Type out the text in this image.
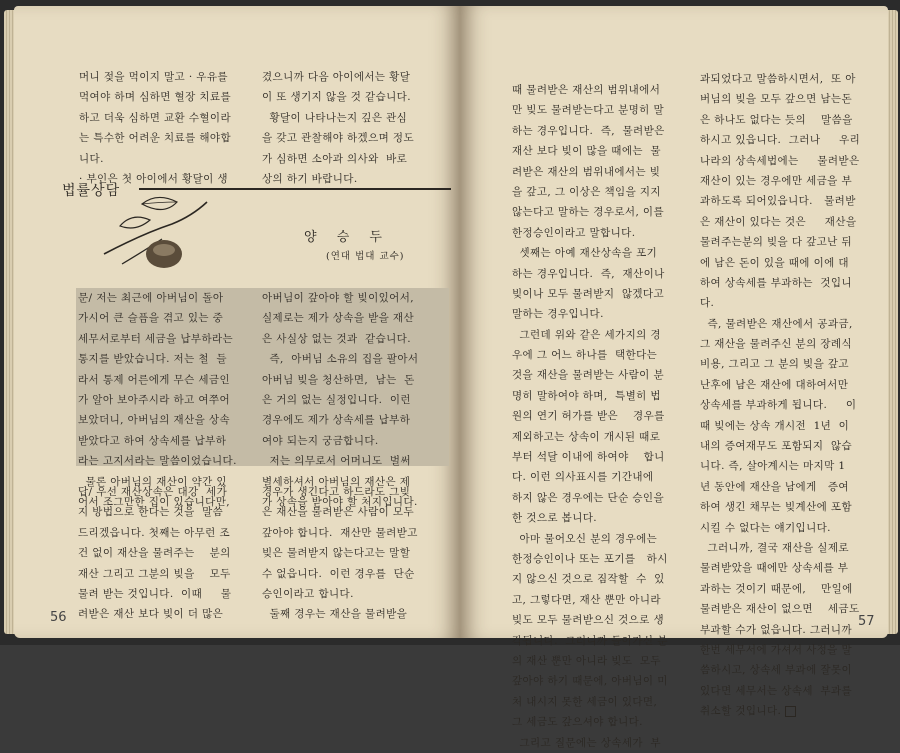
머니 젖을 먹이지 말고 · 우유를
먹여야 하며 심하면 혈장 치료를
하고 더욱 심하면 교환 수혈이라
는 특수한 어려운 치료를 해야합
니다.
· 부인은 첫 아이에서 황달이 생
겼으니까 다음 아이에서는 황달
이 또 생기지 않을 것 같습니다.
황달이 나타나는지 깊은 관심
을 갖고 관찰해야 하겠으며 정도
가 심하면 소아과 의사와  바로
상의 하기 바랍니다.
법률상담
양 승 두
(연대 법대 교수)
문/ 저는 최근에 아버님이 돌아
가시어 큰 슬픔을 겪고 있는 중
세무서로부터 세금을 납부하라는
통지를 받았습니다. 저는 철  들
라서 통제 어른에게 무슨 세금인
가 알아 보아주시라 하고 여쭈어
보았더니, 아버님의 재산을 상속
받았다고 하여 상속세를 납부하
라는 고지서라는 말씀이었습니다.
물론 아버님의 재산이 약간 있
어서 조그만한 집이 있습니다만,
아버님이 갚아야 할 빚이있어서,
실제로는 제가 상속을 받을 재산
은 사실상 없는 것과  같습니다.
즉,  아버님 소유의 집을 팔아서
아버님 빚을 청산하면,  남는  돈
은 거의 없는 실정입니다.  이런
경우에도 제가 상속세를 납부하
여야 되는지 궁금합니다.
저는 의무로서 어머니도  벌써
별세하셔서 아버님의 재산은 제
가 상속을 받아야 할 처지입니다.
답/ 우선 재산상속은 대강  세가
지 방법으로 한다는 것을  말씀
드리겠읍니다. 첫째는 아무런 조
건 없이 재산을 물려주는    분의
재산 그리고 그분의 빚을    모두
물려 받는 것입니다.  이때     물
려받은 재산 보다 빚이 더 많은
경우가 생긴다고 하드라도 그빚
은 재산을 물려받은 사람이 모두
갚아야 합니다.  재산만 물려받고
빚은 물려받지 않는다고는 말할
수 없읍니다.  이런 경우를  단순
승인이라고 합니다.
둘째 경우는 재산을 물려받을
56
때 물려받은 재산의 범위내에서
만 빚도 물려받는다고 분명히 말
하는 경우입니다.  즉,  물려받은
재산 보다 빚이 많을 때에는  물
려받은 재산의 범위내에서는 빚
을 갚고, 그 이상은 책임을 지지
않는다고 말하는 경우로서, 이를
한정승인이라고 말합니다.
셋째는 아예 재산상속을 포기
하는 경우입니다.  즉,  재산이나
빚이나 모두 물려받지  않겠다고
말하는 경우입니다.
그런데 위와 같은 세가지의 경
우에 그 어느 하나를  택한다는
것을 재산을 물려받는 사람이 분
명히 말하여야 하며,  특별히 법
원의 연기 허가를 받은    경우를
제외하고는 상속이 개시된 때로
부터 석달 이내에 하여야    합니
다. 이런 의사표시를 기간내에
하지 않은 경우에는 단순 승인을
한 것으로 봅니다.
아마 물어오신 분의 경우에는
한정승인이나 또는 포기를   하시
지 않으신 것으로 짐작할  수  있
고, 그렇다면, 재산 뿐만 아니라
빚도 모두 물려받으신 것으로 생
각됩니다.  그러니까 돌아가신 분
의 재산 뿐만 아니라 빚도  모두
갚아야 하기 때문에, 아버님이 미
처 내시지 못한 세금이 있다면,
그 세금도 갚으셔야 합니다.
그리고 질문에는 상속세가  부
과되었다고 말씀하시면서,  또 아
버님의 빚을 모두 갚으면 남는돈
은 하나도 없다는 듯의    말씀을
하시고 있읍니다.  그러나     우리
나라의 상속세법에는     물려받은
재산이 있는 경우에만 세금을 부
과하도록 되어있읍니다.   물려받
은 재산이 있다는 것은     재산을
물려주는분의 빚을 다 갚고난 뒤
에 남은 돈이 있을 때에 이에 대
하여 상속세를 부과하는  것입니
다.
즉, 물려받은 재산에서 공과금,
그 재산을 물려주신 분의 장례식
비용, 그리고 그 분의 빚을 갚고
난후에 남은 재산에 대하여서만
상속세를 부과하게 됩니다.     이
때 빚에는 상속 개시전  1년  이
내의 증여재무도 포함되지  않습
니다. 즉, 살아계시는 마지막 1
년 동안에 재산을 남에게   증여
하여 생긴 채무는 빚계산에 포함
시킬 수 없다는 얘기입니다.
그러니까, 결국 재산을 실제로
물려받았을 때에만 상속세를 부
과하는 것이기 때문에,    만일에
물려받은 재산이 없으면    세금도
부과할 수가 없읍니다. 그러니까
한번 세무서에 가셔서 사정을 말
씀하시고, 상속세 부과에 잘못이
있다면 세무서는 상속세  부과를
취소할 것입니다.
57
